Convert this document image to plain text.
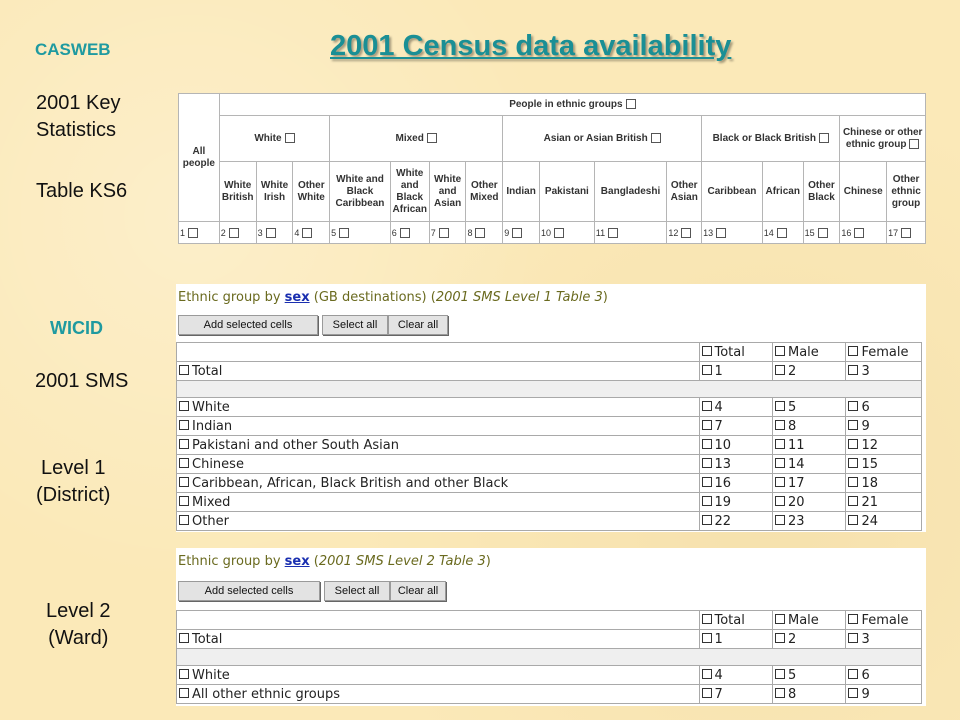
CASWEB	2001 Census data availability
2001 Key
Statistics
Table KS6
WICID
2001 SMS
Level 1
(District)
Level 2
(Ward)
All people	People in ethnic groups															
	White			Mixed				Asian or Asian British				Black or Black British			Chinese or other ethnic group	
	White British	White Irish	Other White	White and Black Caribbean	White and Black African	White and Asian	Other Mixed	Indian	Pakistani	Bangladeshi	Other Asian	Caribbean	African	Other Black	Chinese	Other ethnic group
1	2	3	4	5	6	7	8	9	10	11	12	13	14	15	16	17
Ethnic group by sex (GB destinations) (2001 SMS Level 1 Table 3)
Add selected cells	Select all	Clear all
	Total	Male	Female
Total	1	2	3

White	4	5	6
Indian	7	8	9
Pakistani and other South Asian	10	11	12
Chinese	13	14	15
Caribbean, African, Black British and other Black	16	17	18
Mixed	19	20	21
Other	22	23	24
Ethnic group by sex (2001 SMS Level 2 Table 3)
Add selected cells	Select all	Clear all
	Total	Male	Female
Total	1	2	3

White	4	5	6
All other ethnic groups	7	8	9
